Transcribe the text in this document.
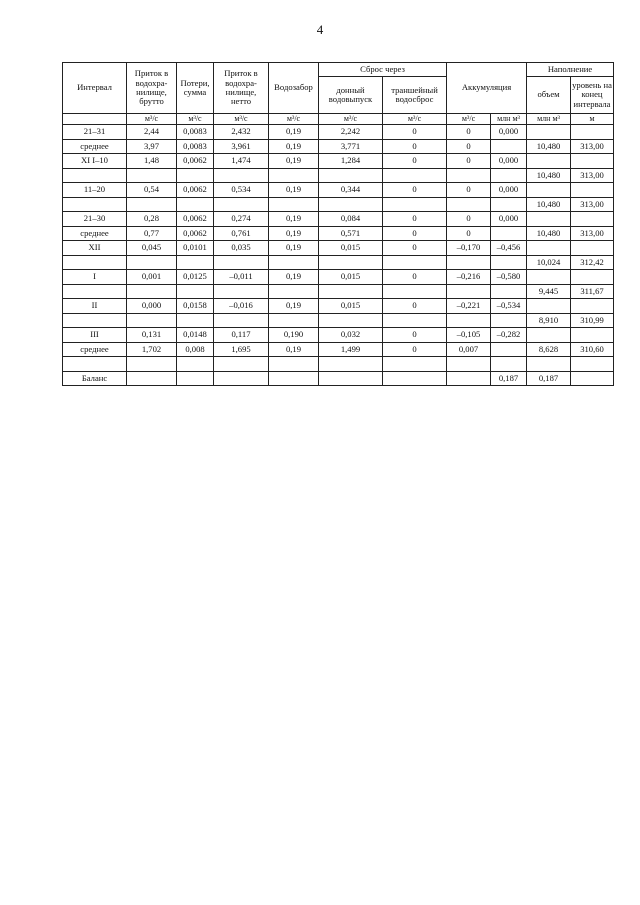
4
Интервал	Приток в водохра-нилище, брутто	Потери, сумма	Приток в водохра-нилище, нетто	Водозабор	Сброс через		Аккумуляция		Наполнение	
					донный водовыпуск	траншейный водосброс			объем	уровень на конец интервала
	м³/с	м³/с	м³/с	м³/с	м³/с	м³/с	м³/с	млн м³	млн м³	м
21–31	2,44	0,0083	2,432	0,19	2,242	0	0	0,000		
среднее	3,97	0,0083	3,961	0,19	3,771	0	0		10,480	313,00
XI I–10	1,48	0,0062	1,474	0,19	1,284	0	0	0,000		
									10,480	313,00
11–20	0,54	0,0062	0,534	0,19	0,344	0	0	0,000		
									10,480	313,00
21–30	0,28	0,0062	0,274	0,19	0,084	0	0	0,000		
среднее	0,77	0,0062	0,761	0,19	0,571	0	0		10,480	313,00
XII	0,045	0,0101	0,035	0,19	0,015	0	–0,170	–0,456		
									10,024	312,42
I	0,001	0,0125	–0,011	0,19	0,015	0	–0,216	–0,580		
									9,445	311,67
II	0,000	0,0158	–0,016	0,19	0,015	0	–0,221	–0,534		
									8,910	310,99
III	0,131	0,0148	0,117	0,190	0,032	0	–0,105	–0,282		
среднее	1,702	0,008	1,695	0,19	1,499	0	0,007		8,628	310,60

Баланс								0,187	0,187	
